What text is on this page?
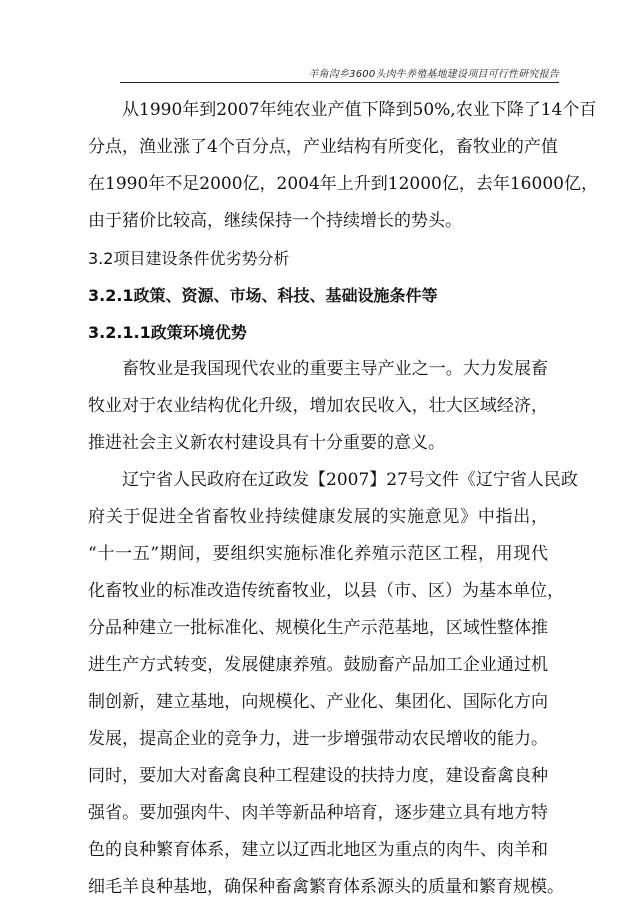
羊角沟乡3600头肉牛养殖基地建设项目可行性研究报告
从1990年到2007年纯农业产值下降到50%,农业下降了14个百
分点，渔业涨了4个百分点，产业结构有所变化，畜牧业的产值
在1990年不足2000亿，2004年上升到12000亿，去年16000亿，
由于猪价比较高，继续保持一个持续增长的势头。
3.2项目建设条件优劣势分析
3.2.1政策、资源、市场、科技、基础设施条件等
3.2.1.1政策环境优势
畜牧业是我国现代农业的重要主导产业之一。大力发展畜
牧业对于农业结构优化升级，增加农民收入，壮大区域经济，
推进社会主义新农村建设具有十分重要的意义。
辽宁省人民政府在辽政发【2007】27号文件《辽宁省人民政
府关于促进全省畜牧业持续健康发展的实施意见》中指出，
“十一五”期间，要组织实施标准化养殖示范区工程，用现代
化畜牧业的标准改造传统畜牧业，以县（市、区）为基本单位，
分品种建立一批标准化、规模化生产示范基地，区域性整体推
进生产方式转变，发展健康养殖。鼓励畜产品加工企业通过机
制创新，建立基地，向规模化、产业化、集团化、国际化方向
发展，提高企业的竞争力，进一步增强带动农民增收的能力。
同时，要加大对畜禽良种工程建设的扶持力度，建设畜禽良种
强省。要加强肉牛、肉羊等新品种培育，逐步建立具有地方特
色的良种繁育体系，建立以辽西北地区为重点的肉牛、肉羊和
细毛羊良种基地，确保种畜禽繁育体系源头的质量和繁育规模。
